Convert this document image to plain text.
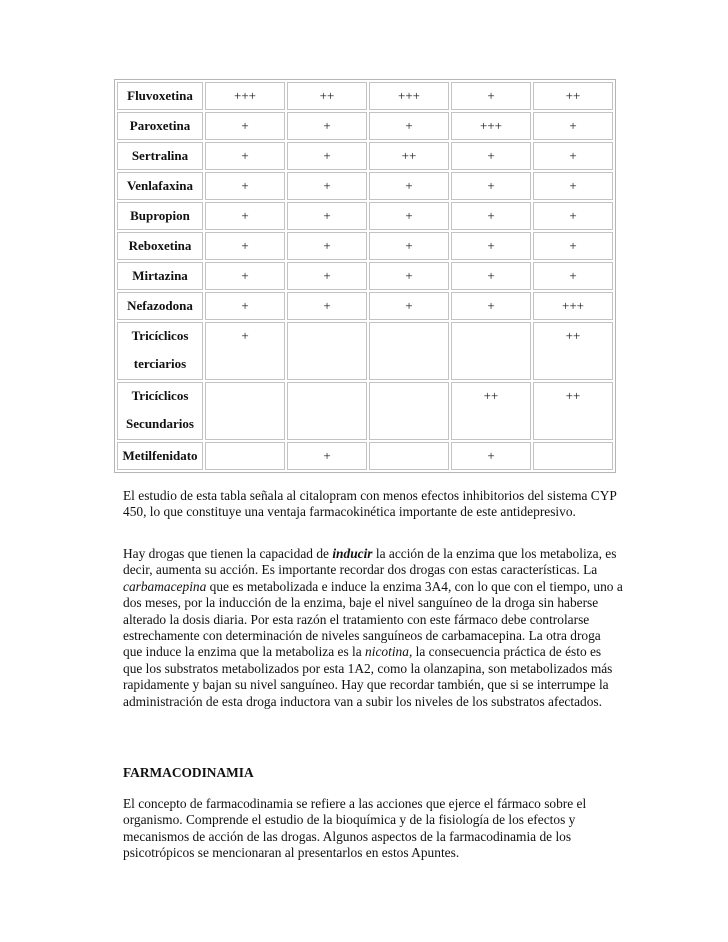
Fluvoxetina	+++	++	+++	+	++
Paroxetina	+	+	+	+++	+
Sertralina	+	+	++	+	+
Venlafaxina	+	+	+	+	+
Bupropion	+	+	+	+	+
Reboxetina	+	+	+	+	+
Mirtazina	+	+	+	+	+
Nefazodona	+	+	+	+	+++
Tricíclicos
terciarios	+				++
Tricíclicos
Secundarios				++	++
Metilfenidato		+		+	

El estudio de esta tabla señala al citalopram con menos efectos inhibitorios del sistema CYP 450, lo que constituye una ventaja farmacokinética importante de este antidepresivo.

Hay drogas que tienen la capacidad de inducir la acción de la enzima que los metaboliza, es decir, aumenta su acción. Es importante recordar dos drogas con estas características. La carbamacepina que es metabolizada e induce la enzima 3A4, con lo que con el tiempo, uno a dos meses, por la inducción de la enzima, baje el nivel sanguíneo de la droga sin haberse alterado la dosis diaria. Por esta razón el tratamiento con este fármaco debe controlarse estrechamente con determinación de niveles sanguíneos de carbamacepina. La otra droga que induce la enzima que la metaboliza es la nicotina, la consecuencia práctica de ésto es que los substratos metabolizados por esta 1A2, como la olanzapina, son metabolizados más rapidamente y bajan su nivel sanguíneo. Hay que recordar también, que si se interrumpe la administración de esta droga inductora van a subir los niveles de los substratos afectados.

FARMACODINAMIA

El concepto de farmacodinamia se refiere a las acciones que ejerce el fármaco sobre el organismo. Comprende el estudio de la bioquímica y de la fisiología de los efectos y mecanismos de acción de las drogas. Algunos aspectos de la farmacodinamia de los psicotrópicos se mencionaran al presentarlos en estos Apuntes.
